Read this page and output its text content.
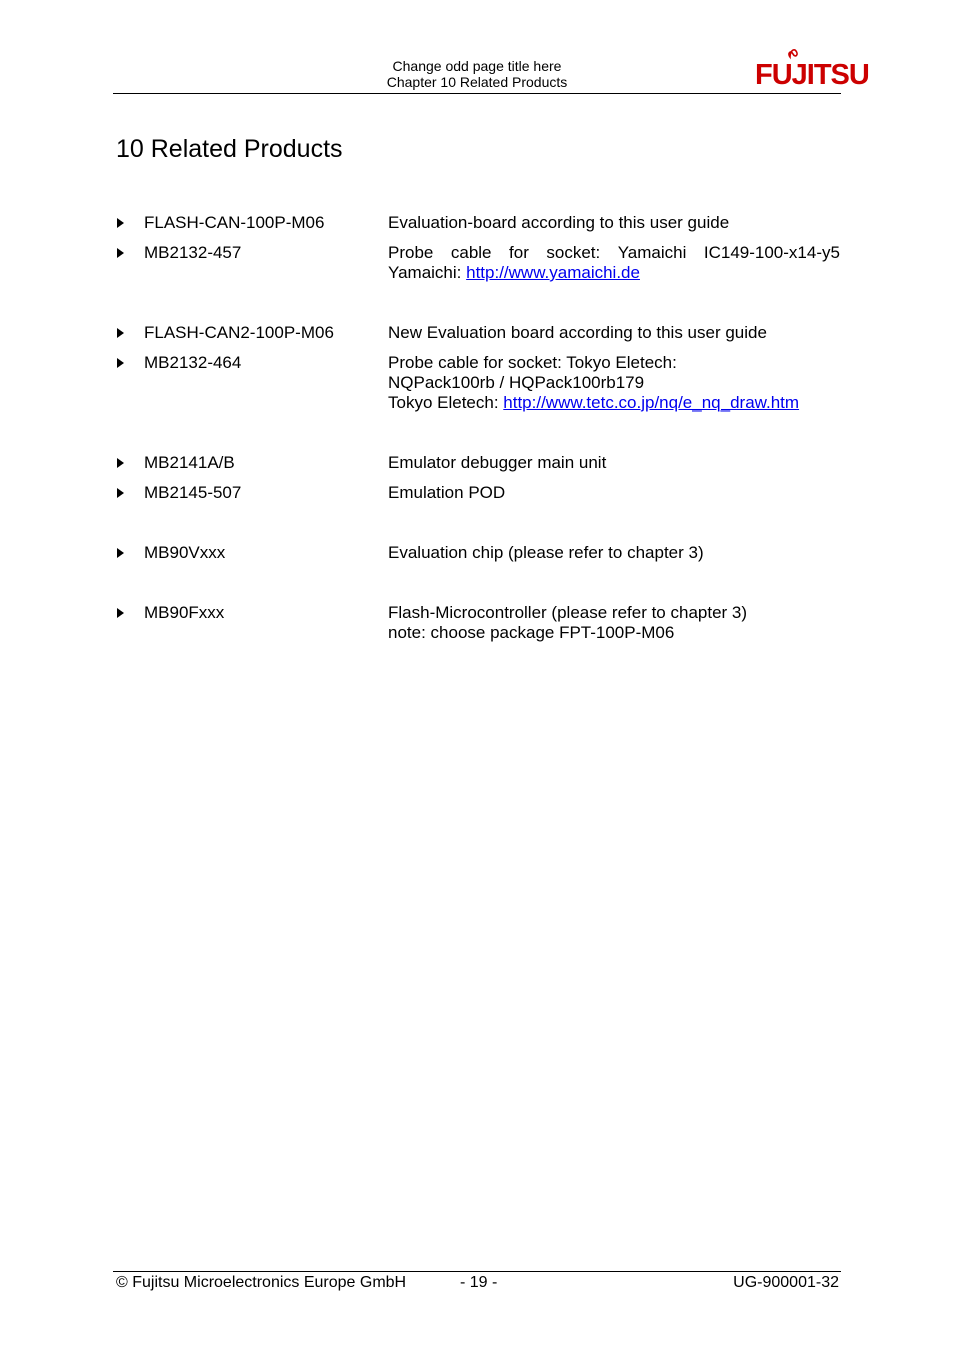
Change odd page title here
Chapter 10 Related Products	FUJITSU
10 Related Products
FLASH-CAN-100P-M06	Evaluation-board according to this user guide
MB2132-457	Probe cable for socket: Yamaichi IC149-100-x14-y5
Yamaichi: http://www.yamaichi.de
FLASH-CAN2-100P-M06	New Evaluation board according to this user guide
MB2132-464	Probe cable for socket: Tokyo Eletech:
NQPack100rb / HQPack100rb179
Tokyo Eletech: http://www.tetc.co.jp/nq/e_nq_draw.htm
MB2141A/B	Emulator debugger main unit
MB2145-507	Emulation POD
MB90Vxxx	Evaluation chip (please refer to chapter 3)
MB90Fxxx	Flash-Microcontroller (please refer to chapter 3)
note: choose package FPT-100P-M06
© Fujitsu Microelectronics Europe GmbH	- 19 -	UG-900001-32
